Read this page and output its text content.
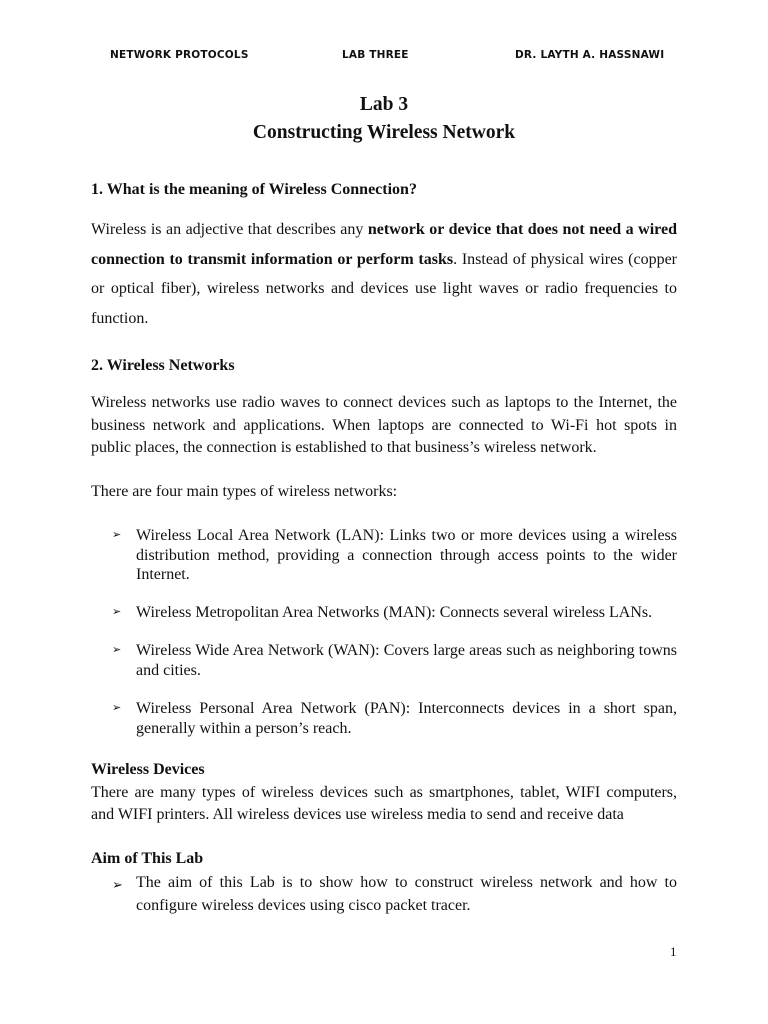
NETWORK PROTOCOLS	LAB THREE	DR. LAYTH A. HASSNAWI
Lab 3
Constructing Wireless Network
1. What is the meaning of Wireless Connection?
Wireless is an adjective that describes any network or device that does not need a wired connection to transmit information or perform tasks. Instead of physical wires (copper or optical fiber), wireless networks and devices use light waves or radio frequencies to function.
2. Wireless Networks
Wireless networks use radio waves to connect devices such as laptops to the Internet, the business network and applications. When laptops are connected to Wi-Fi hot spots in public places, the connection is established to that business’s wireless network.
There are four main types of wireless networks:
➢ Wireless Local Area Network (LAN): Links two or more devices using a wireless distribution method, providing a connection through access points to the wider Internet.
➢ Wireless Metropolitan Area Networks (MAN): Connects several wireless LANs.
➢ Wireless Wide Area Network (WAN): Covers large areas such as neighboring towns and cities.
➢ Wireless Personal Area Network (PAN): Interconnects devices in a short span, generally within a person’s reach.
Wireless Devices
There are many types of wireless devices such as smartphones, tablet, WIFI computers, and WIFI printers. All wireless devices use wireless media to send and receive data
Aim of This Lab
➢ The aim of this Lab is to show how to construct wireless network and how to configure wireless devices using cisco packet tracer.
1
